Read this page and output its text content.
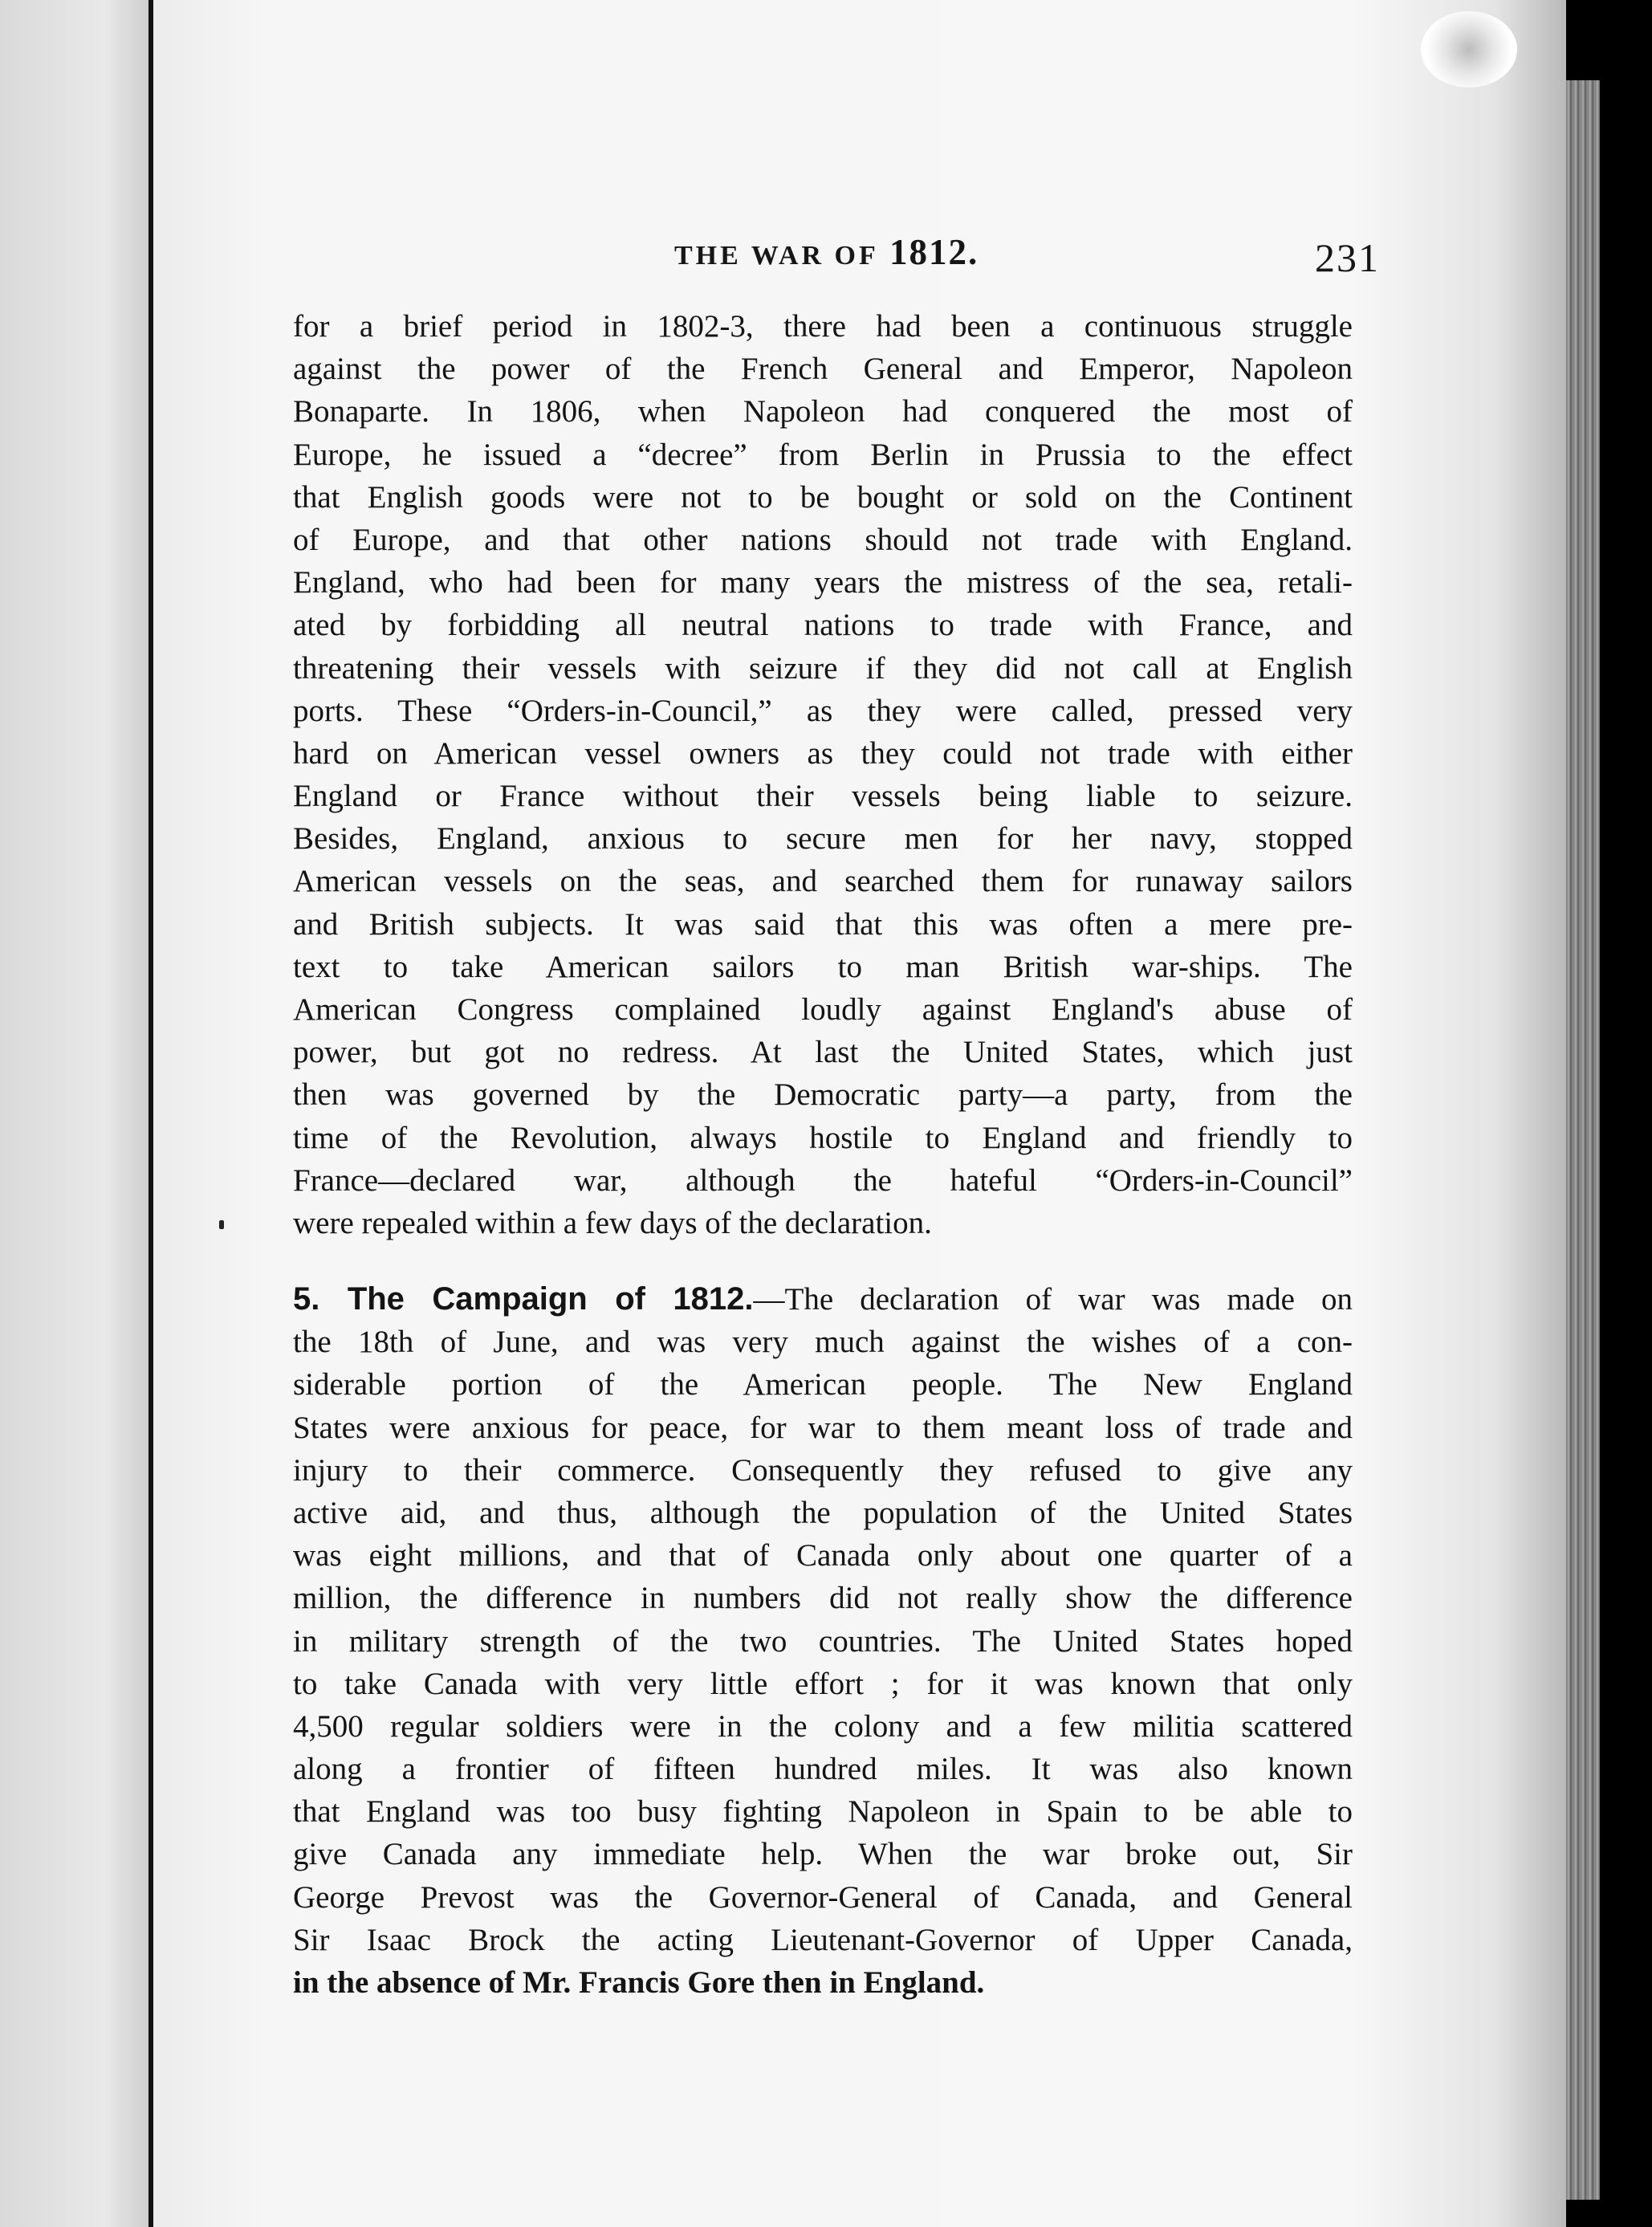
THE WAR OF 1812.	231
for a brief period in 1802-3, there had been a continuous struggle
against the power of the French General and Emperor, Napoleon
Bonaparte. In 1806, when Napoleon had conquered the most of
Europe, he issued a “decree” from Berlin in Prussia to the effect
that English goods were not to be bought or sold on the Continent
of Europe, and that other nations should not trade with England.
England, who had been for many years the mistress of the sea, retali-
ated by forbidding all neutral nations to trade with France, and
threatening their vessels with seizure if they did not call at English
ports. These “Orders-in-Council,” as they were called, pressed very
hard on American vessel owners as they could not trade with either
England or France without their vessels being liable to seizure.
Besides, England, anxious to secure men for her navy, stopped
American vessels on the seas, and searched them for runaway sailors
and British subjects. It was said that this was often a mere pre-
text to take American sailors to man British war-ships. The
American Congress complained loudly against England's abuse of
power, but got no redress. At last the United States, which just
then was governed by the Democratic party—a party, from the
time of the Revolution, always hostile to England and friendly to
France—declared war, although the hateful “Orders-in-Council”
were repealed within a few days of the declaration.
5. The Campaign of 1812.—The declaration of war was made on
the 18th of June, and was very much against the wishes of a con-
siderable portion of the American people. The New England
States were anxious for peace, for war to them meant loss of trade and
injury to their commerce. Consequently they refused to give any
active aid, and thus, although the population of the United States
was eight millions, and that of Canada only about one quarter of a
million, the difference in numbers did not really show the difference
in military strength of the two countries. The United States hoped
to take Canada with very little effort ; for it was known that only
4,500 regular soldiers were in the colony and a few militia scattered
along a frontier of fifteen hundred miles. It was also known
that England was too busy fighting Napoleon in Spain to be able to
give Canada any immediate help. When the war broke out, Sir
George Prevost was the Governor-General of Canada, and General
Sir Isaac Brock the acting Lieutenant-Governor of Upper Canada,
in the absence of Mr. Francis Gore then in England.
